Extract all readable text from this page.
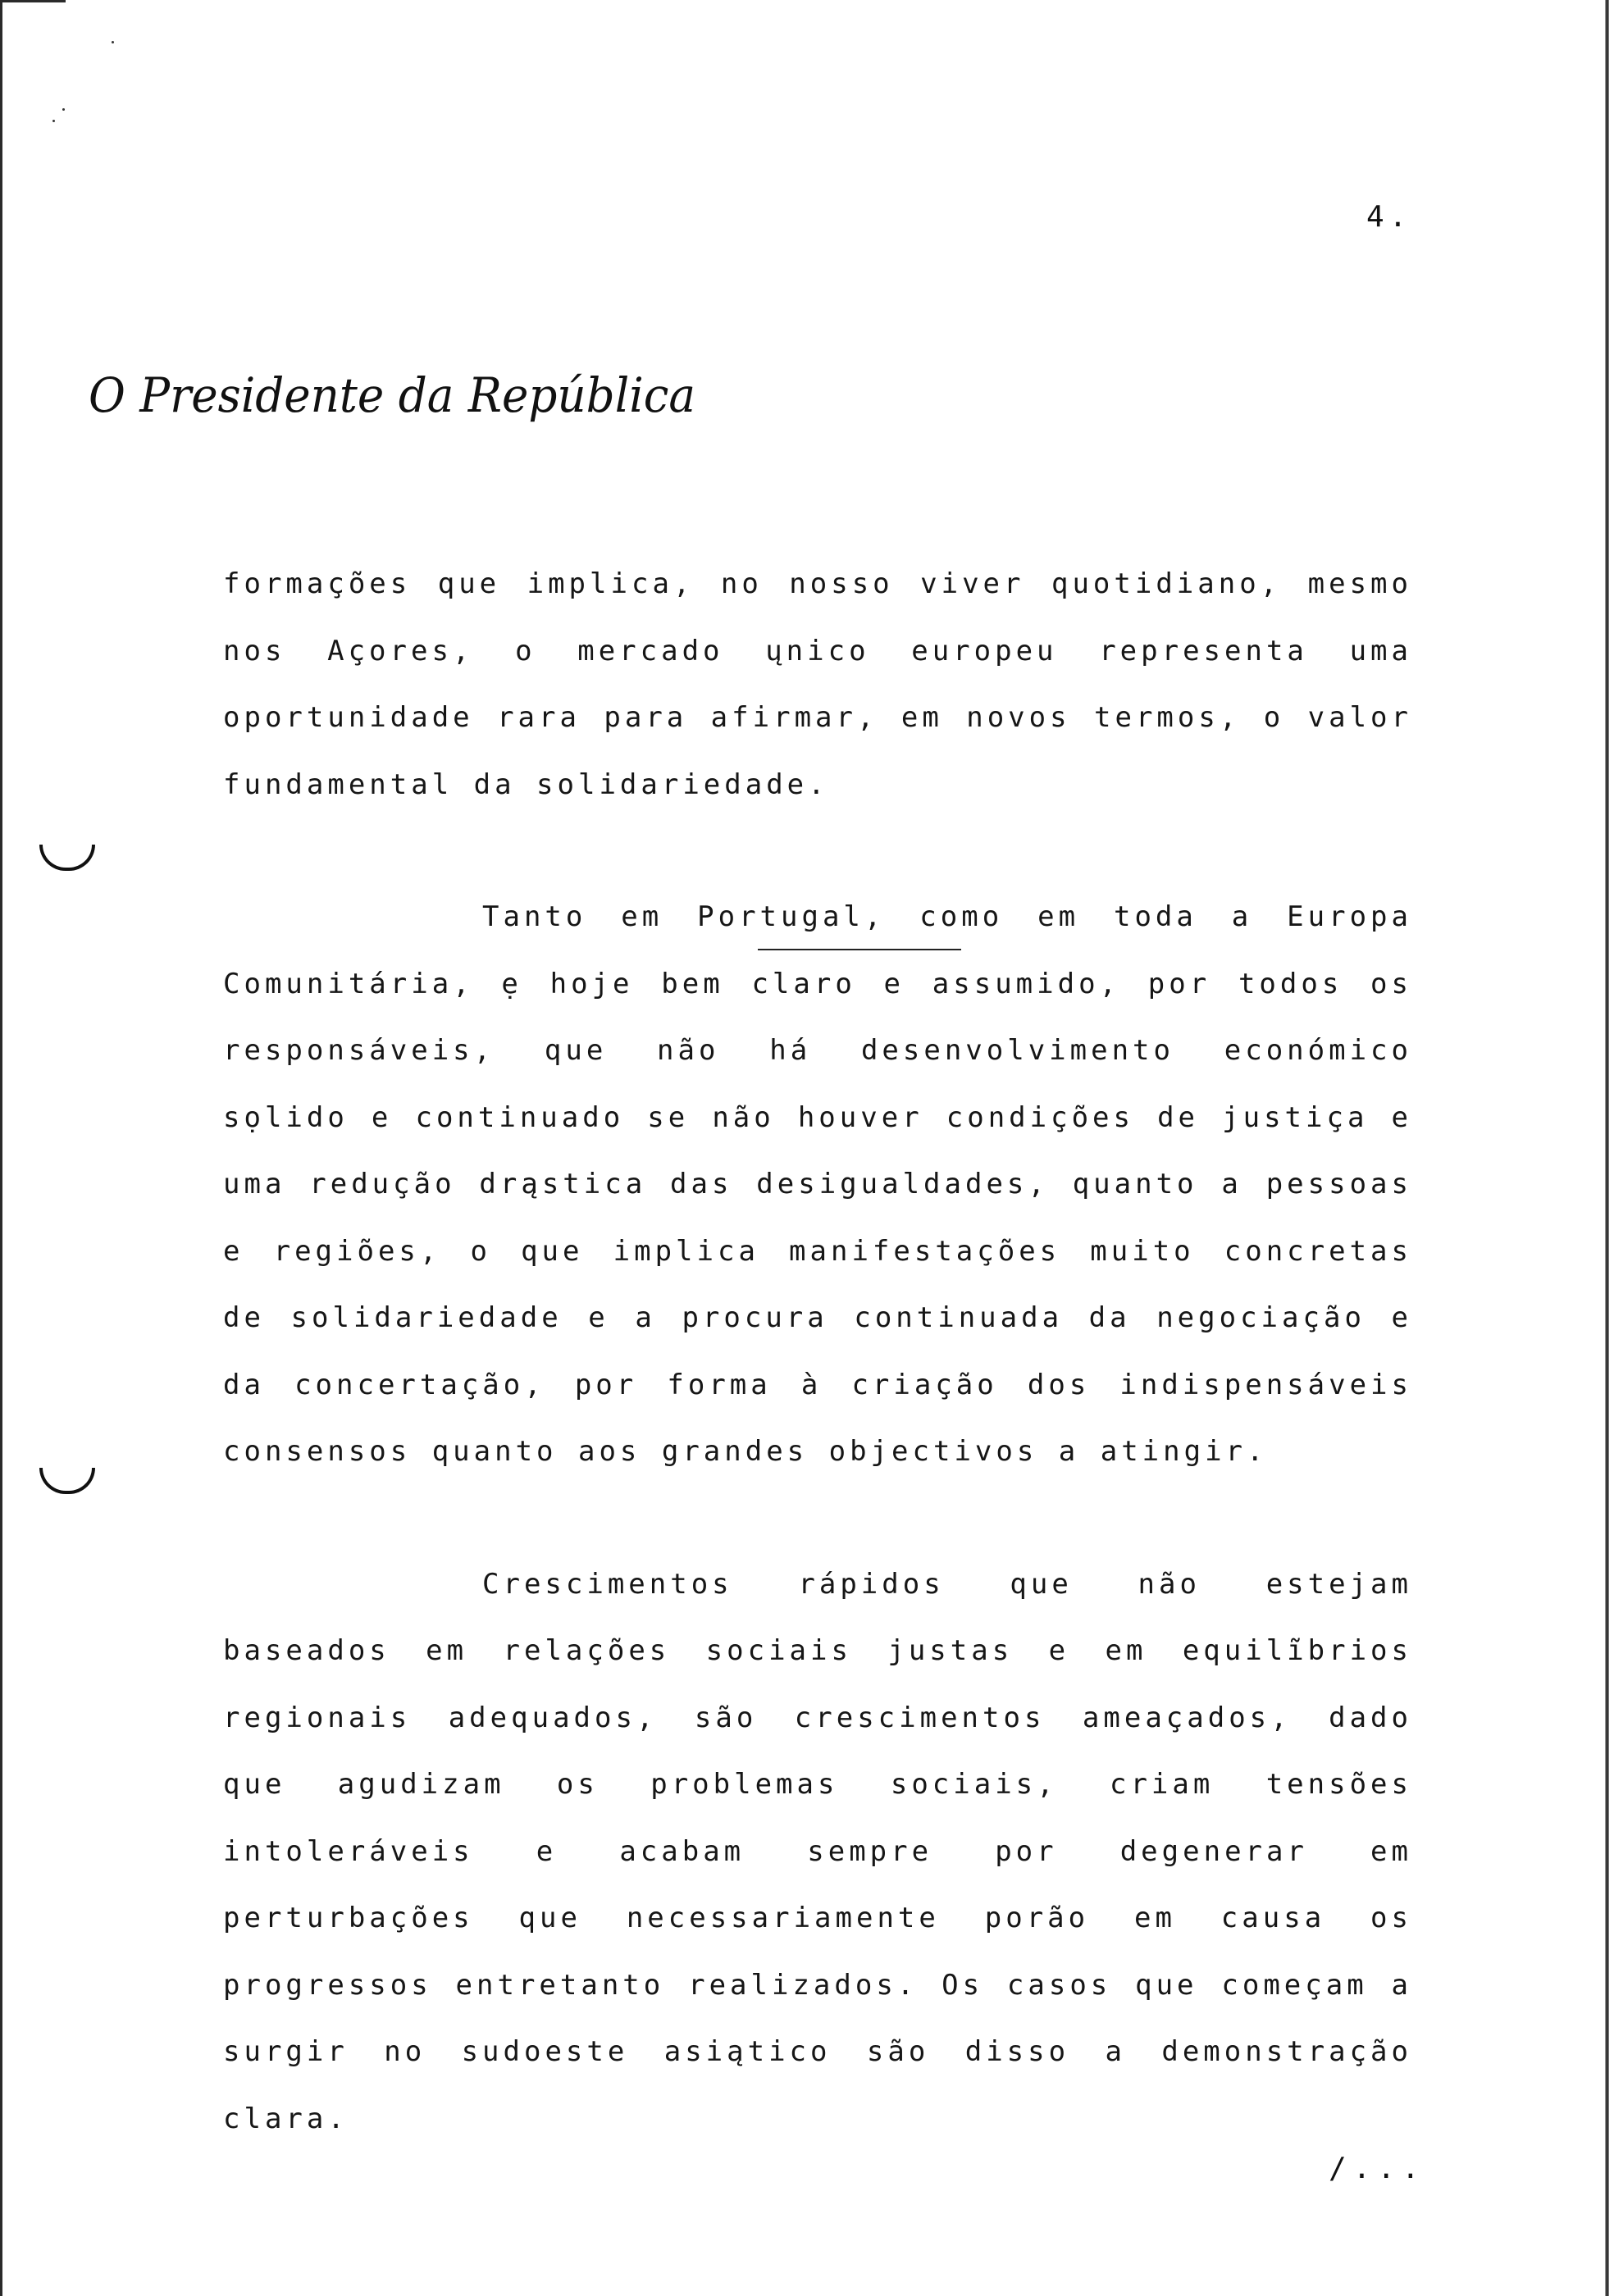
4.
O Presidente da República

formações que implica, no nosso viver quotidiano, mesmo nos Açores, o mercado ųnico europeu representa uma oportunidade rara para afirmar, em novos termos, o valor fundamental da solidariedade.

Tanto em Portugal, como em toda a Europa Comunitária, ẹ hoje bem claro e assumido, por todos os responsáveis, que não há desenvolvimento económico sọlido e continuado se não houver condições de justiça e uma redução drąstica das desigualdades, quanto a pessoas e regiões, o que implica manifestações muito concretas de solidariedade e a procura continuada da negociação e da concertação, por forma à criação dos indispensáveis consensos quanto aos grandes objectivos a atingir.

Crescimentos rápidos que não estejam baseados em relações sociais justas e em equilĩbrios regionais adequados, são crescimentos ameaçados, dado que agudizam os problemas sociais, criam tensões intoleráveis e acabam sempre por degenerar em perturbações que necessariamente porão em causa os progressos entretanto realizados. Os casos que começam a surgir no sudoeste asiątico são disso a demonstração clara.

/...
